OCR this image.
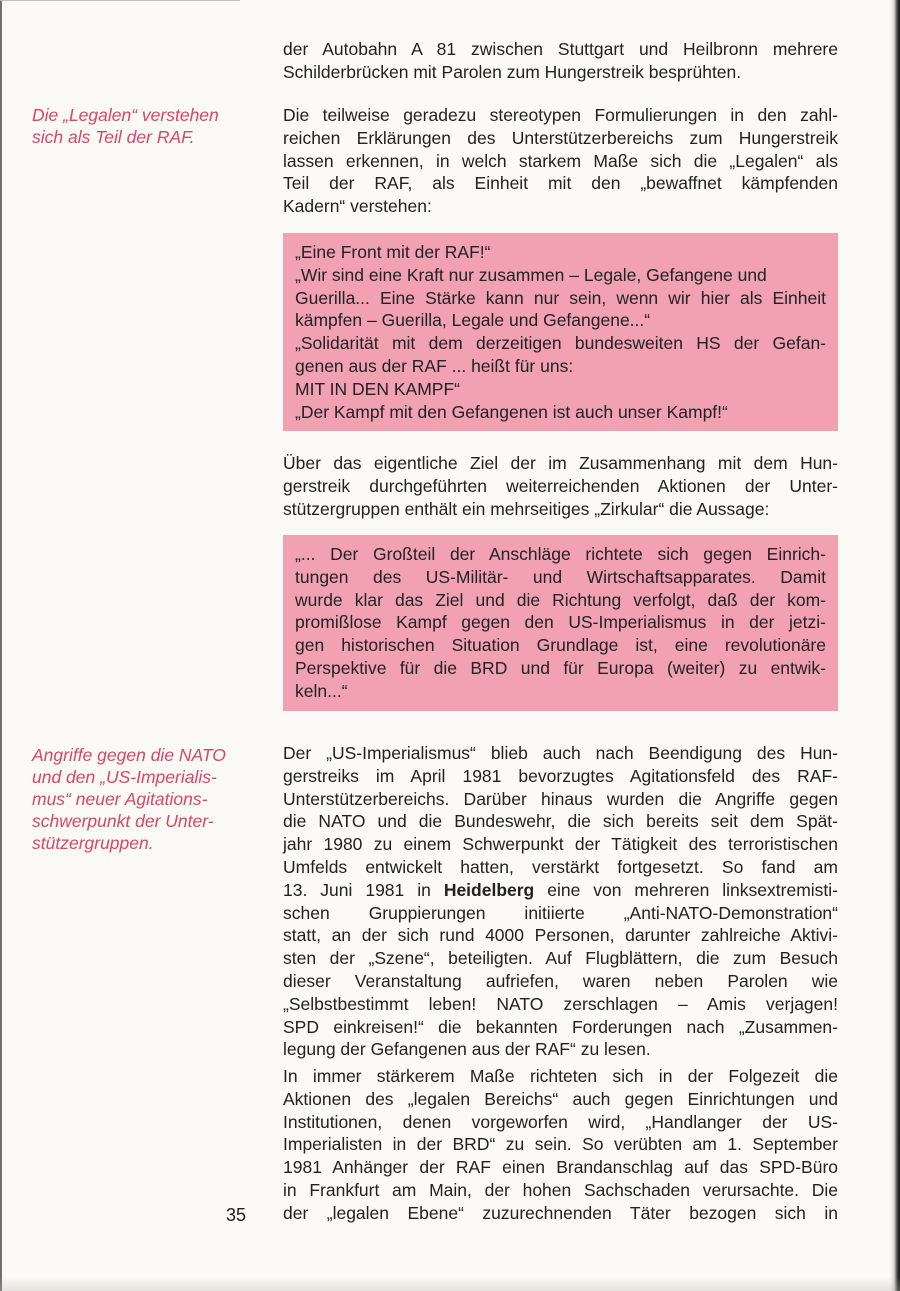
Die „Legalen“ verstehen
sich als Teil der RAF.
Angriffe gegen die NATO
und den „US-Imperialis-
mus“ neuer Agitations-
schwerpunkt der Unter-
stützergruppen.

der Autobahn A 81 zwischen Stuttgart und Heilbronn mehrere
Schilderbrücken mit Parolen zum Hungerstreik besprühten.

Die teilweise geradezu stereotypen Formulierungen in den zahl-
reichen Erklärungen des Unterstützerbereichs zum Hungerstreik
lassen erkennen, in welch starkem Maße sich die „Legalen“ als
Teil der RAF, als Einheit mit den „bewaffnet kämpfenden
Kadern“ verstehen:

„Eine Front mit der RAF!“
„Wir sind eine Kraft nur zusammen – Legale, Gefangene und
Guerilla... Eine Stärke kann nur sein, wenn wir hier als Einheit
kämpfen – Guerilla, Legale und Gefangene...“
„Solidarität mit dem derzeitigen bundesweiten HS der Gefan-
genen aus der RAF ... heißt für uns:
MIT IN DEN KAMPF“
„Der Kampf mit den Gefangenen ist auch unser Kampf!“

Über das eigentliche Ziel der im Zusammenhang mit dem Hun-
gerstreik durchgeführten weiterreichenden Aktionen der Unter-
stützergruppen enthält ein mehrseitiges „Zirkular“ die Aussage:

„... Der Großteil der Anschläge richtete sich gegen Einrich-
tungen des US-Militär- und Wirtschaftsapparates. Damit
wurde klar das Ziel und die Richtung verfolgt, daß der kom-
promißlose Kampf gegen den US-Imperialismus in der jetzi-
gen historischen Situation Grundlage ist, eine revolutionäre
Perspektive für die BRD und für Europa (weiter) zu entwik-
keln...“

Der „US-Imperialismus“ blieb auch nach Beendigung des Hun-
gerstreiks im April 1981 bevorzugtes Agitationsfeld des RAF-
Unterstützerbereichs. Darüber hinaus wurden die Angriffe gegen
die NATO und die Bundeswehr, die sich bereits seit dem Spät-
jahr 1980 zu einem Schwerpunkt der Tätigkeit des terroristischen
Umfelds entwickelt hatten, verstärkt fortgesetzt. So fand am
13. Juni 1981 in Heidelberg eine von mehreren linksextremisti-
schen Gruppierungen initiierte „Anti-NATO-Demonstration“
statt, an der sich rund 4000 Personen, darunter zahlreiche Aktivi-
sten der „Szene“, beteiligten. Auf Flugblättern, die zum Besuch
dieser Veranstaltung aufriefen, waren neben Parolen wie
„Selbstbestimmt leben! NATO zerschlagen – Amis verjagen!
SPD einkreisen!“ die bekannten Forderungen nach „Zusammen-
legung der Gefangenen aus der RAF“ zu lesen.

In immer stärkerem Maße richteten sich in der Folgezeit die
Aktionen des „legalen Bereichs“ auch gegen Einrichtungen und
Institutionen, denen vorgeworfen wird, „Handlanger der US-
Imperialisten in der BRD“ zu sein. So verübten am 1. September
1981 Anhänger der RAF einen Brandanschlag auf das SPD-Büro
in Frankfurt am Main, der hohen Sachschaden verursachte. Die
der „legalen Ebene“ zuzurechnenden Täter bezogen sich in

35
